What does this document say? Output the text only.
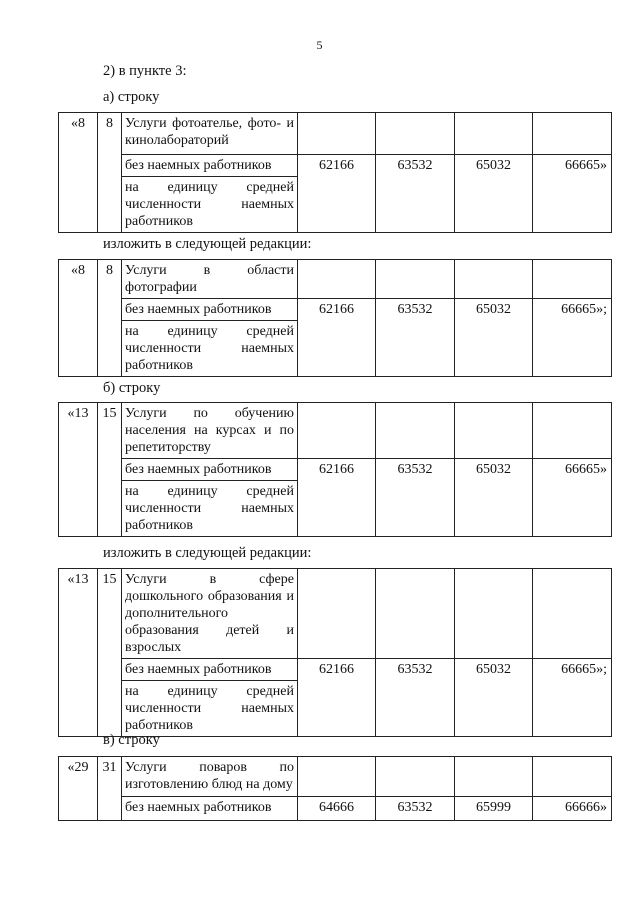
5
2) в пункте 3:
а) строку
«8	8	Услуги фотоателье, фото- и кинолабораторий				
		без наемных работников	62166	63532	65032	66665»
		на единицу средней численности наемных работников				
изложить в следующей редакции:
«8	8	Услуги в области фотографии				
		без наемных работников	62166	63532	65032	66665»;
		на единицу средней численности наемных работников				
б) строку
«13	15	Услуги по обучению населения на курсах и по репетиторству				
		без наемных работников	62166	63532	65032	66665»
		на единицу средней численности наемных работников				
изложить в следующей редакции:
«13	15	Услуги в сфере дошкольного образования и дополнительного образования детей и взрослых				
		без наемных работников	62166	63532	65032	66665»;
		на единицу средней численности наемных работников				
в) строку
«29	31	Услуги поваров по изготовлению блюд на дому				
		без наемных работников	64666	63532	65999	66666»
